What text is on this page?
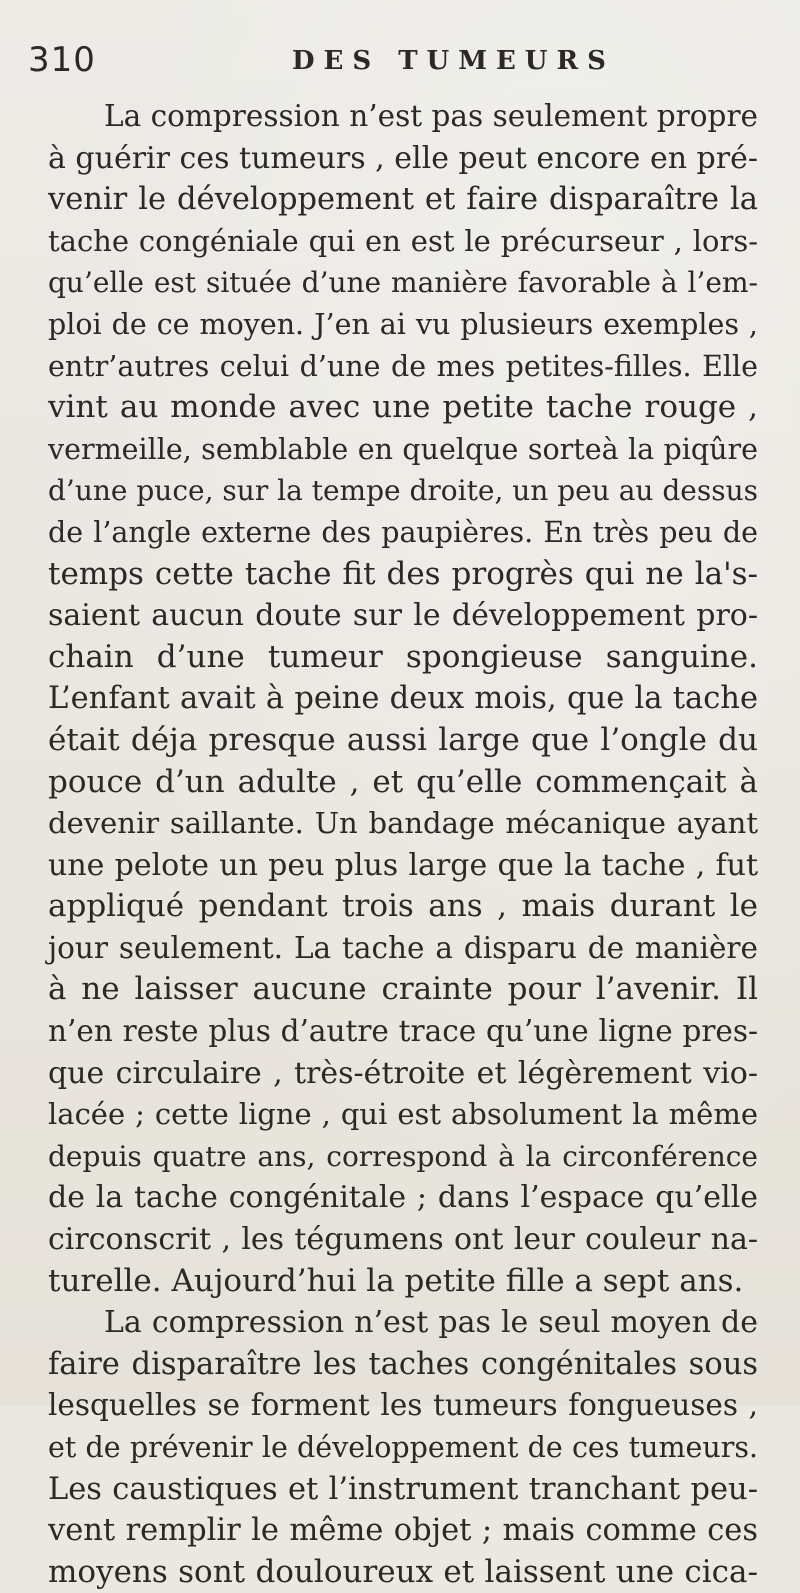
310	DES TUMEURS
La compression n’est pas seulement propre
à guérir ces tumeurs , elle peut encore en pré-
venir le développement et faire disparaître la
tache congéniale qui en est le précurseur , lors-
qu’elle est située d’une manière favorable à l’em-
ploi de ce moyen. J’en ai vu plusieurs exemples ,
entr’autres celui d’une de mes petites-filles. Elle
vint au monde avec une petite tache rouge ,
vermeille, semblable en quelque sorteà la piqûre
d’une puce, sur la tempe droite, un peu au dessus
de l’angle externe des paupières. En très peu de
temps cette tache fit des progrès qui ne la's-
saient aucun doute sur le développement pro-
chain d’une tumeur spongieuse sanguine.
L’enfant avait à peine deux mois, que la tache
était déja presque aussi large que l’ongle du
pouce d’un adulte , et qu’elle commençait à
devenir saillante. Un bandage mécanique ayant
une pelote un peu plus large que la tache , fut
appliqué pendant trois ans , mais durant le
jour seulement. La tache a disparu de manière
à ne laisser aucune crainte pour l’avenir. Il
n’en reste plus d’autre trace qu’une ligne pres-
que circulaire , très-étroite et légèrement vio-
lacée ; cette ligne , qui est absolument la même
depuis quatre ans, correspond à la circonférence
de la tache congénitale ; dans l’espace qu’elle
circonscrit , les tégumens ont leur couleur na-
turelle. Aujourd’hui la petite fille a sept ans.
La compression n’est pas le seul moyen de
faire disparaître les taches congénitales sous
lesquelles se forment les tumeurs fongueuses ,
et de prévenir le développement de ces tumeurs.
Les caustiques et l’instrument tranchant peu-
vent remplir le même objet ; mais comme ces
moyens sont douloureux et laissent une cica-
